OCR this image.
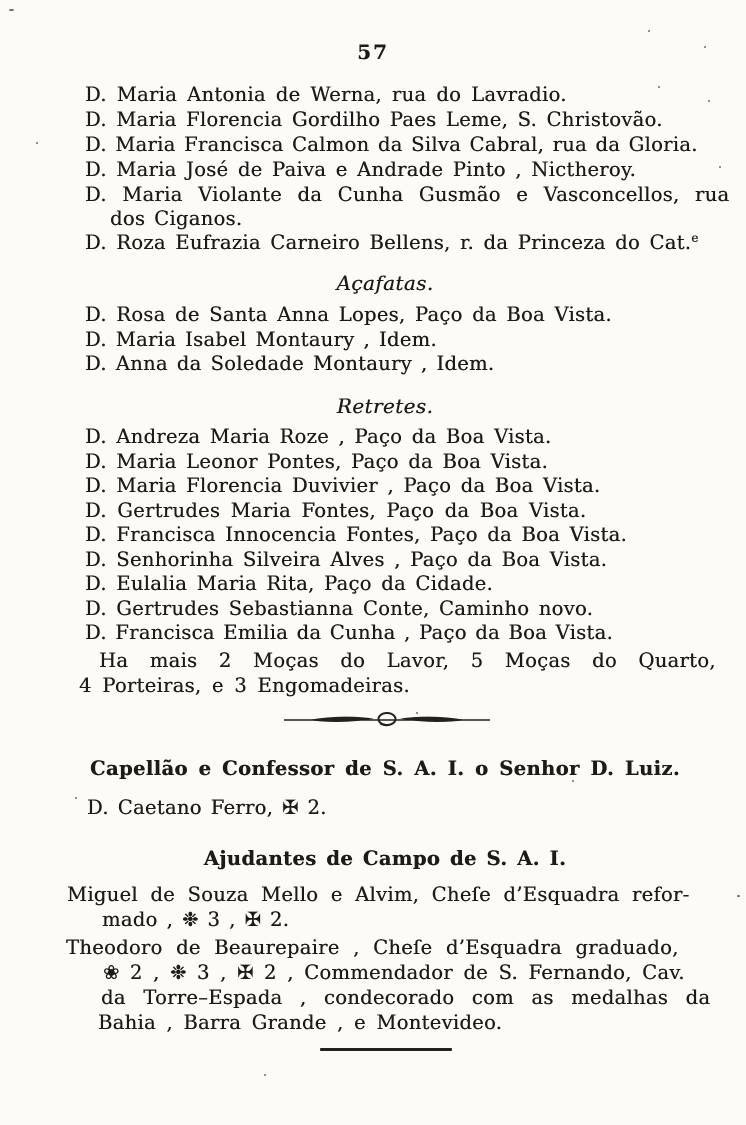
57
D. Maria Antonia de Werna, rua do Lavradio.
D. Maria Florencia Gordilho Paes Leme, S. Christovão.
D. Maria Francisca Calmon da Silva Cabral, rua da Gloria.
D. Maria José de Paiva e Andrade Pinto , Nictheroy.
D. Maria Violante da Cunha Gusmão e Vasconcellos, rua
dos Ciganos.
D. Roza Eufrazia Carneiro Bellens, r. da Princeza do Cat.$^e$
Açafatas.
D. Rosa de Santa Anna Lopes, Paço da Boa Vista.
D. Maria Isabel Montaury , Idem.
D. Anna da Soledade Montaury , Idem.
Retretes.
D. Andreza Maria Roze , Paço da Boa Vista.
D. Maria Leonor Pontes, Paço da Boa Vista.
D. Maria Florencia Duvivier , Paço da Boa Vista.
D. Gertrudes Maria Fontes, Paço da Boa Vista.
D. Francisca Innocencia Fontes, Paço da Boa Vista.
D. Senhorinha Silveira Alves , Paço da Boa Vista.
D. Eulalia Maria Rita, Paço da Cidade.
D. Gertrudes Sebastianna Conte, Caminho novo.
D. Francisca Emilia da Cunha , Paço da Boa Vista.
Ha mais 2 Moças do Lavor, 5 Moças do Quarto,
4 Porteiras, e 3 Engomadeiras.
Capellão e Confessor de S. A. I. o Senhor D. Luiz.
D. Caetano Ferro, ✠ 2.
Ajudantes de Campo de S. A. I.
Miguel de Souza Mello e Alvim, Cheſe d’Esquadra refor-
mado , ❉ 3 , ✠ 2.
Theodoro de Beaurepaire , Cheſe d’Esquadra graduado,
❀ 2 , ❉ 3 , ✠ 2 , Commendador de S. Fernando, Cav.
da Torre–Espada , condecorado com as medalhas da
Bahia , Barra Grande , e Montevideo.
